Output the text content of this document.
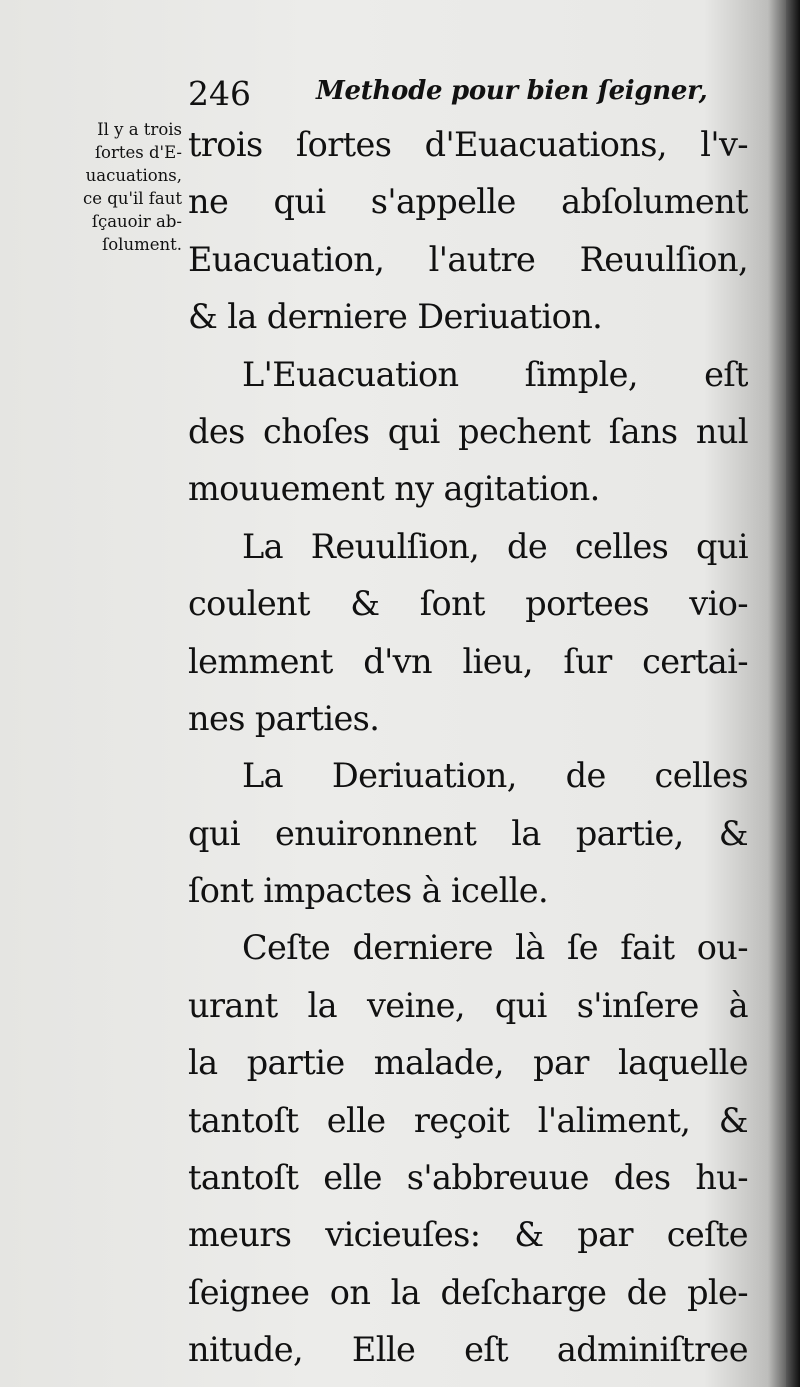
246	Methode pour bien ſeigner,
Il y a trois
ſortes d'E-
uacuations,
ce qu'il faut
ſçauoir ab-
ſolument.
trois ſortes d'Euacuations, l'v-
ne qui s'appelle abſolument
Euacuation, l'autre Reuulſion,
& la derniere Deriuation.
L'Euacuation ſimple, eſt
des choſes qui pechent ſans nul
mouuement ny agitation.
La Reuulſion, de celles qui
coulent & ſont portees vio-
lemment d'vn lieu, ſur certai-
nes parties.
La Deriuation, de celles
qui enuironnent la partie, &
ſont impactes à icelle.
Ceſte derniere là ſe fait ou-
urant la veine, qui s'inſere à
la partie malade, par laquelle
tantoſt elle reçoit l'aliment, &
tantoſt elle s'abbreuue des hu-
meurs vicieuſes: & par ceſte
ſeignee on la deſcharge de ple-
nitude, Elle eſt adminiſtree
